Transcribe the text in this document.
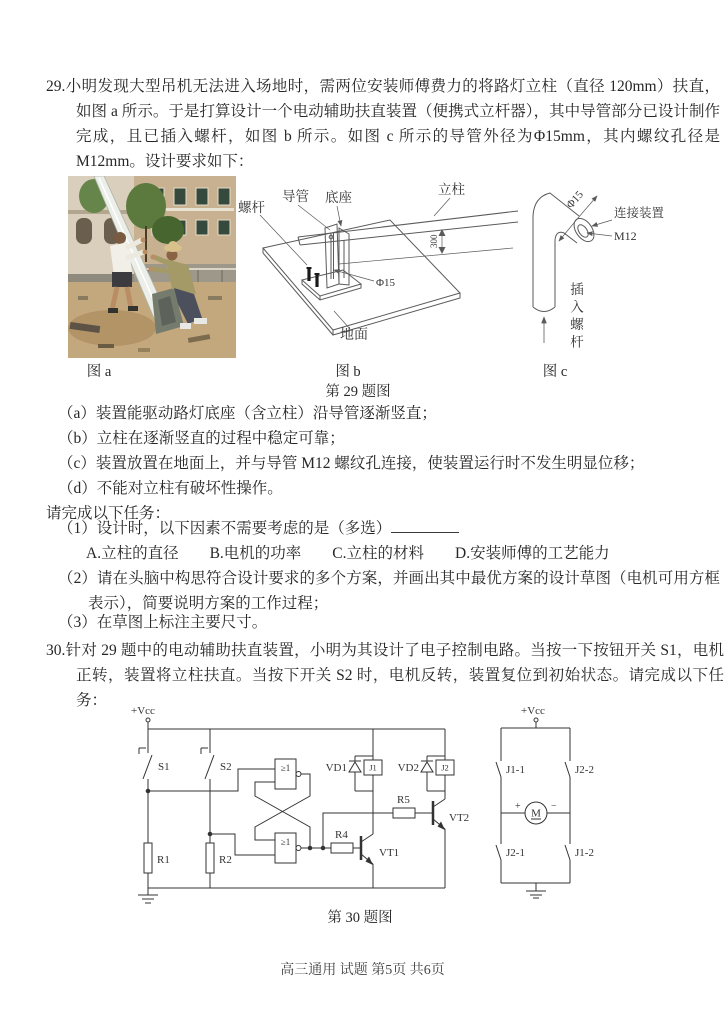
29.小明发现大型吊机无法进入场地时，需两位安装师傅费力的将路灯立柱（直径 120mm）扶直，如图 a 所示。于是打算设计一个电动辅助扶直装置（便携式立杆器），其中导管部分已设计制作完成，且已插入螺杆，如图 b 所示。如图 c 所示的导管外径为Φ15mm，其内螺纹孔径是 M12mm。设计要求如下：

300
螺杆
导管 底座
立柱
Φ15
地面
Φ15
连接装置
M12
插入螺杆
图 a	图 b	图 c
第 29 题图
（a）装置能驱动路灯底座（含立柱）沿导管逐渐竖直；
（b）立柱在逐渐竖直的过程中稳定可靠；
（c）装置放置在地面上，并与导管 M12 螺纹孔连接，使装置运行时不发生明显位移；
（d）不能对立柱有破坏性操作。
请完成以下任务：
（1）设计时，以下因素不需要考虑的是（多选）
A.立柱的直径　　B.电机的功率　　C.立柱的材料　　D.安装师傅的工艺能力
（2）请在头脑中构思符合设计要求的多个方案，并画出其中最优方案的设计草图（电机可用方框表示），简要说明方案的工作过程；
（3）在草图上标注主要尺寸。

30.针对 29 题中的电动辅助扶直装置，小明为其设计了电子控制电路。当按一下按钮开关 S1，电机正转，装置将立柱扶直。当按下开关 S2 时，电机反转，装置复位到初始状态。请完成以下任务：

+Vcc
S1	S2
R1	R2
≥1
≥1
R4
R5
VT1
VT2
J1
VD1	J2
VD2
+Vcc
J1-1	J2-2
M
+	−
J2-1	J1-2
第 30 题图
高三通用 试题 第5页 共6页
